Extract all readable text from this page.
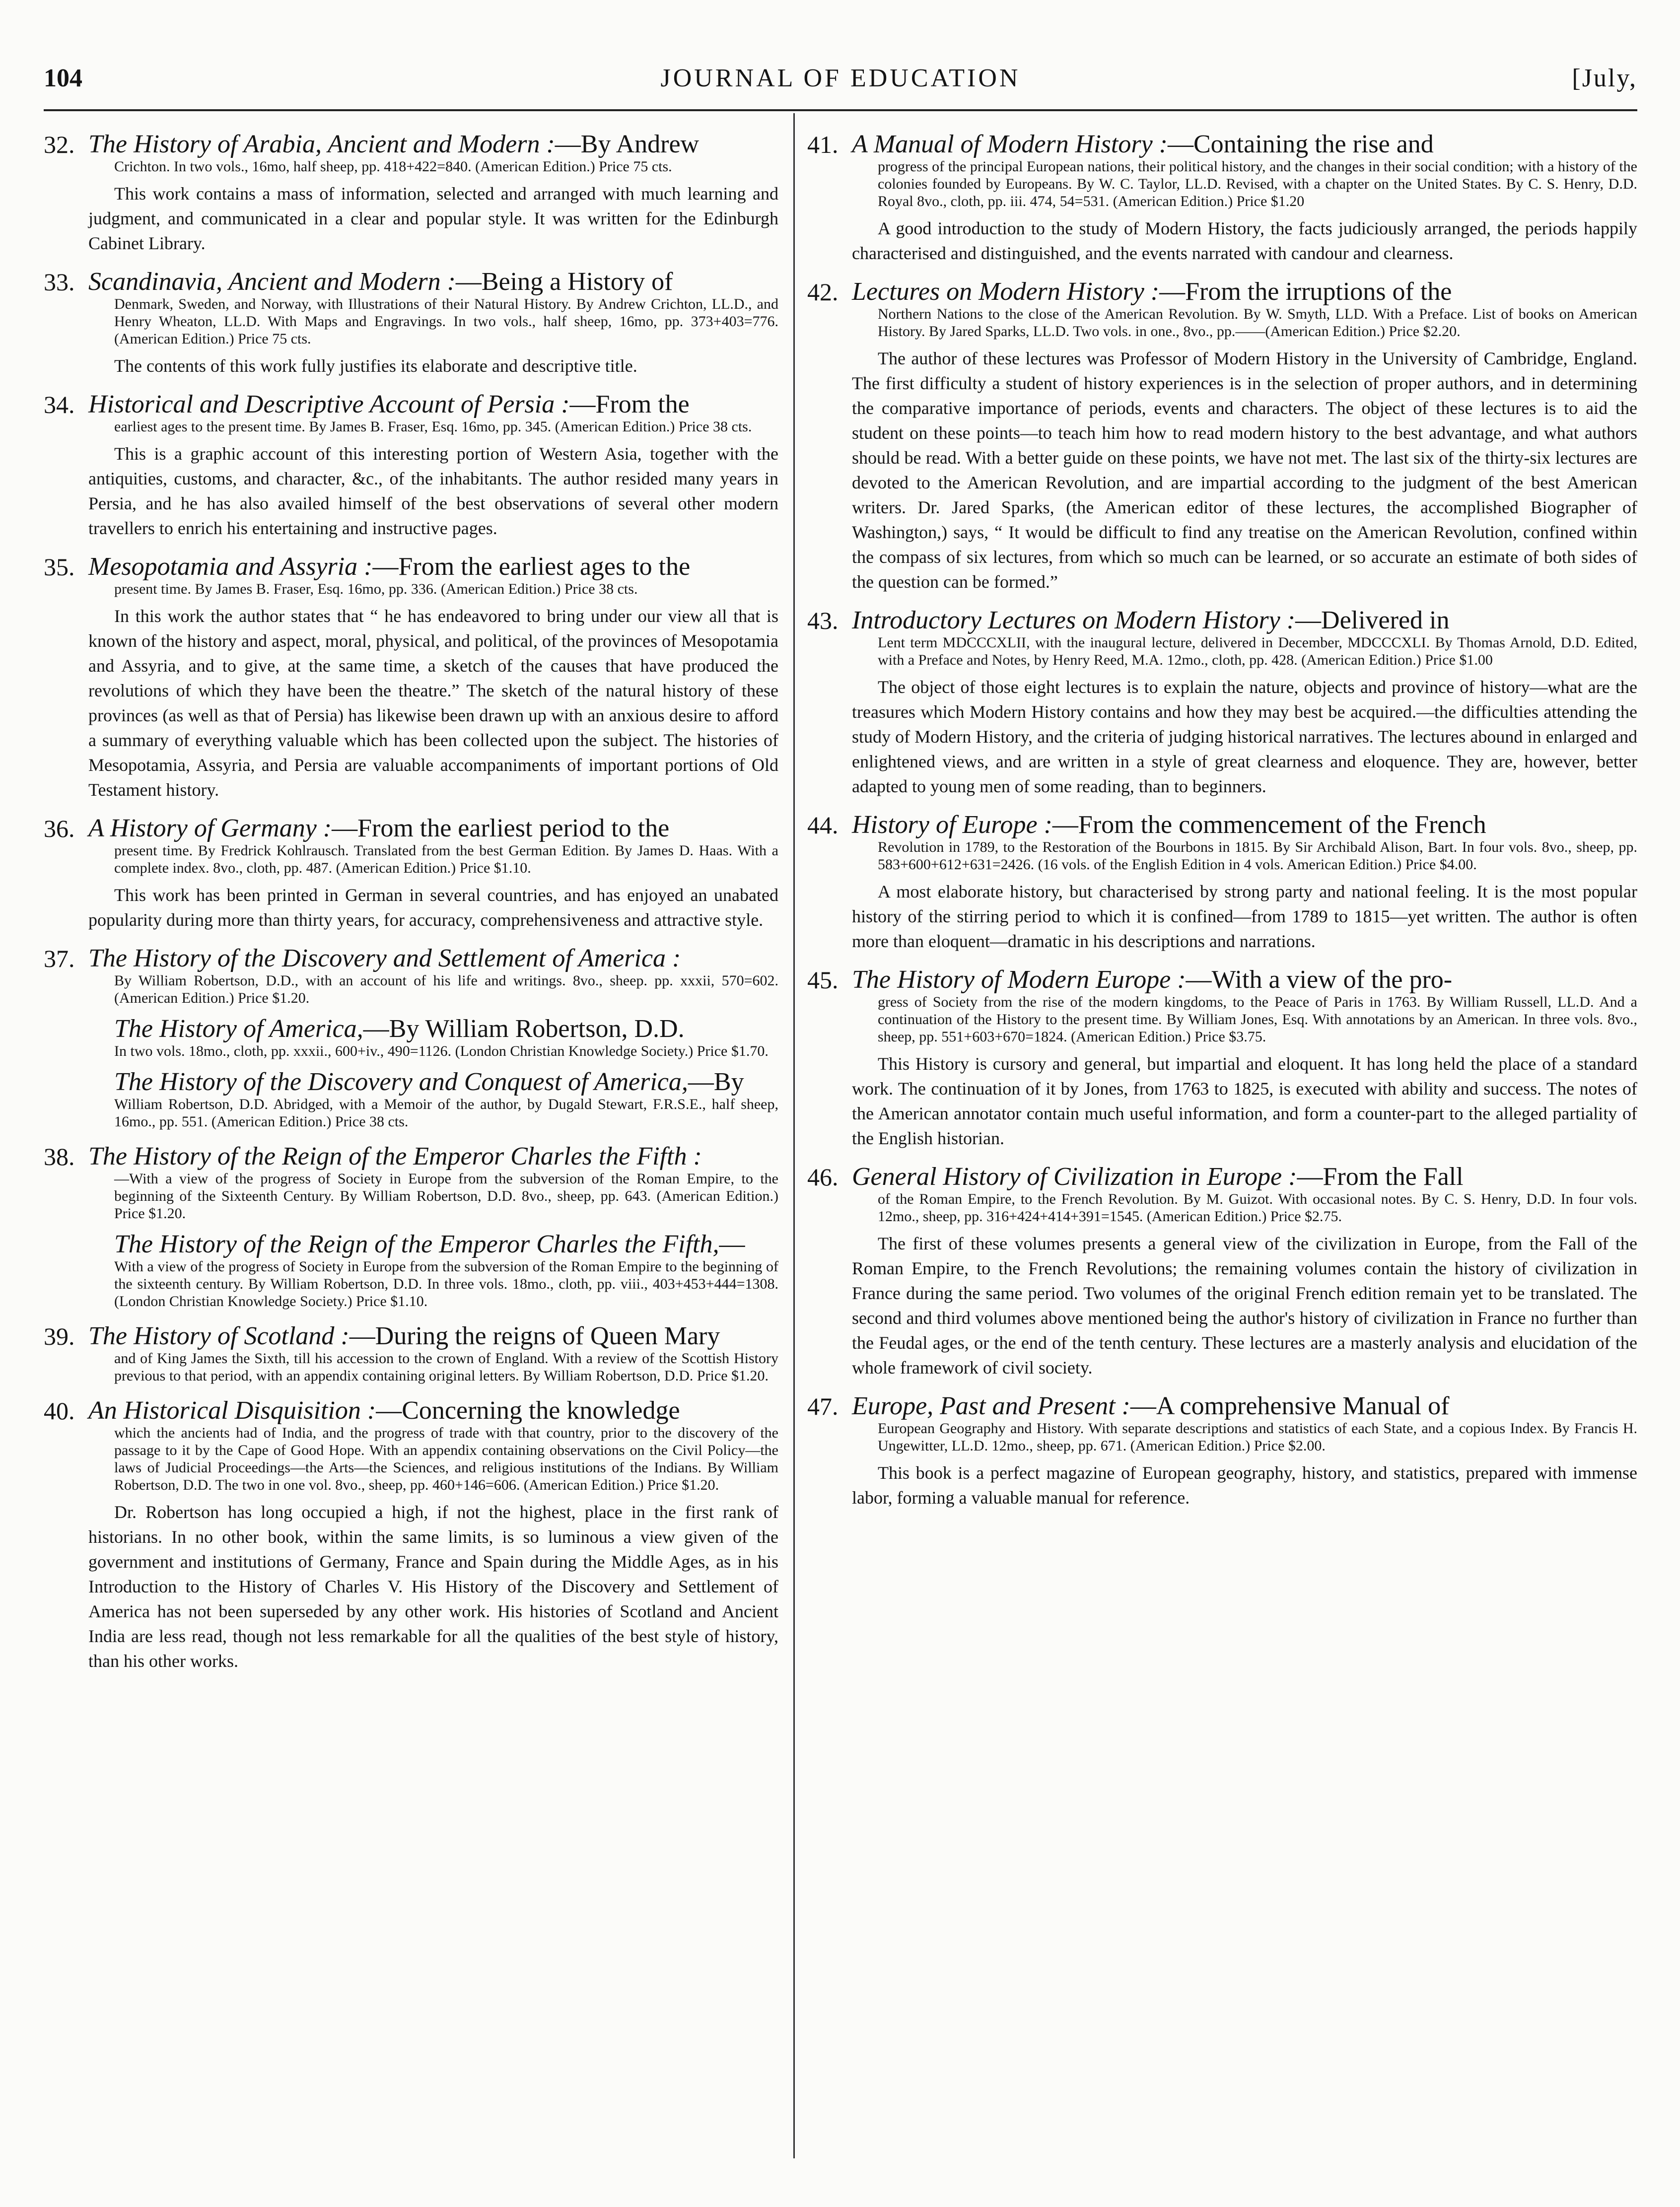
104	JOURNAL OF EDUCATION	[July,
32. The History of Arabia, Ancient and Modern :—By Andrew
Crichton. In two vols., 16mo, half sheep, pp. 418+422=840. (American Edition.) Price 75 cts.
This work contains a mass of information, selected and arranged with much learning and judgment, and communicated in a clear and popular style. It was written for the Edinburgh Cabinet Library.
33. Scandinavia, Ancient and Modern :—Being a History of
Denmark, Sweden, and Norway, with Illustrations of their Natural History. By Andrew Crichton, LL.D., and Henry Wheaton, LL.D. With Maps and Engravings. In two vols., half sheep, 16mo, pp. 373+403=776. (American Edition.) Price 75 cts.
The contents of this work fully justifies its elaborate and descriptive title.
34. Historical and Descriptive Account of Persia :—From the
earliest ages to the present time. By James B. Fraser, Esq. 16mo, pp. 345. (American Edition.) Price 38 cts.
This is a graphic account of this interesting portion of Western Asia, together with the antiquities, customs, and character, &c., of the inhabitants. The author resided many years in Persia, and he has also availed himself of the best observations of several other modern travellers to enrich his entertaining and instructive pages.
35. Mesopotamia and Assyria :—From the earliest ages to the
present time. By James B. Fraser, Esq. 16mo, pp. 336. (American Edition.) Price 38 cts.
In this work the author states that “ he has endeavored to bring under our view all that is known of the history and aspect, moral, physical, and political, of the provinces of Mesopotamia and Assyria, and to give, at the same time, a sketch of the causes that have produced the revolutions of which they have been the theatre.” The sketch of the natural history of these provinces (as well as that of Persia) has likewise been drawn up with an anxious desire to afford a summary of everything valuable which has been collected upon the subject. The histories of Mesopotamia, Assyria, and Persia are valuable accompaniments of important portions of Old Testament history.
36. A History of Germany :—From the earliest period to the
present time. By Fredrick Kohlrausch. Translated from the best German Edition. By James D. Haas. With a complete index. 8vo., cloth, pp. 487. (American Edition.) Price $1.10.
This work has been printed in German in several countries, and has enjoyed an unabated popularity during more than thirty years, for accuracy, comprehensiveness and attractive style.
37. The History of the Discovery and Settlement of America :
By William Robertson, D.D., with an account of his life and writings. 8vo., sheep. pp. xxxii, 570=602. (American Edition.) Price $1.20.
The History of America,—By William Robertson, D.D.
In two vols. 18mo., cloth, pp. xxxii., 600+iv., 490=1126. (London Christian Knowledge Society.) Price $1.70.
The History of the Discovery and Conquest of America,—By
William Robertson, D.D. Abridged, with a Memoir of the author, by Dugald Stewart, F.R.S.E., half sheep, 16mo., pp. 551. (American Edition.) Price 38 cts.
38. The History of the Reign of the Emperor Charles the Fifth :
—With a view of the progress of Society in Europe from the subversion of the Roman Empire, to the beginning of the Sixteenth Century. By William Robertson, D.D. 8vo., sheep, pp. 643. (American Edition.) Price $1.20.
The History of the Reign of the Emperor Charles the Fifth,—
With a view of the progress of Society in Europe from the subversion of the Roman Empire to the beginning of the sixteenth century. By William Robertson, D.D. In three vols. 18mo., cloth, pp. viii., 403+453+444=1308. (London Christian Knowledge Society.) Price $1.10.
39. The History of Scotland :—During the reigns of Queen Mary
and of King James the Sixth, till his accession to the crown of England. With a review of the Scottish History previous to that period, with an appendix containing original letters. By William Robertson, D.D. Price $1.20.
40. An Historical Disquisition :—Concerning the knowledge
which the ancients had of India, and the progress of trade with that country, prior to the discovery of the passage to it by the Cape of Good Hope. With an appendix containing observations on the Civil Policy—the laws of Judicial Proceedings—the Arts—the Sciences, and religious institutions of the Indians. By William Robertson, D.D. The two in one vol. 8vo., sheep, pp. 460+146=606. (American Edition.) Price $1.20.
Dr. Robertson has long occupied a high, if not the highest, place in the first rank of historians. In no other book, within the same limits, is so luminous a view given of the government and institutions of Germany, France and Spain during the Middle Ages, as in his Introduction to the History of Charles V. His History of the Discovery and Settlement of America has not been superseded by any other work. His histories of Scotland and Ancient India are less read, though not less remarkable for all the qualities of the best style of history, than his other works.
41. A Manual of Modern History :—Containing the rise and
progress of the principal European nations, their political history, and the changes in their social condition; with a history of the colonies founded by Europeans. By W. C. Taylor, LL.D. Revised, with a chapter on the United States. By C. S. Henry, D.D. Royal 8vo., cloth, pp. iii. 474, 54=531. (American Edition.) Price $1.20
A good introduction to the study of Modern History, the facts judiciously arranged, the periods happily characterised and distinguished, and the events narrated with candour and clearness.
42. Lectures on Modern History :—From the irruptions of the
Northern Nations to the close of the American Revolution. By W. Smyth, LLD. With a Preface. List of books on American History. By Jared Sparks, LL.D. Two vols. in one., 8vo., pp.——(American Edition.) Price $2.20.
The author of these lectures was Professor of Modern History in the University of Cambridge, England. The first difficulty a student of history experiences is in the selection of proper authors, and in determining the comparative importance of periods, events and characters. The object of these lectures is to aid the student on these points—to teach him how to read modern history to the best advantage, and what authors should be read. With a better guide on these points, we have not met. The last six of the thirty-six lectures are devoted to the American Revolution, and are impartial according to the judgment of the best American writers. Dr. Jared Sparks, (the American editor of these lectures, the accomplished Biographer of Washington,) says, “ It would be difficult to find any treatise on the American Revolution, confined within the compass of six lectures, from which so much can be learned, or so accurate an estimate of both sides of the question can be formed.”
43. Introductory Lectures on Modern History :—Delivered in
Lent term MDCCCXLII, with the inaugural lecture, delivered in December, MDCCCXLI. By Thomas Arnold, D.D. Edited, with a Preface and Notes, by Henry Reed, M.A. 12mo., cloth, pp. 428. (American Edition.) Price $1.00
The object of those eight lectures is to explain the nature, objects and province of history—what are the treasures which Modern History contains and how they may best be acquired.—the difficulties attending the study of Modern History, and the criteria of judging historical narratives. The lectures abound in enlarged and enlightened views, and are written in a style of great clearness and eloquence. They are, however, better adapted to young men of some reading, than to beginners.
44. History of Europe :—From the commencement of the French
Revolution in 1789, to the Restoration of the Bourbons in 1815. By Sir Archibald Alison, Bart. In four vols. 8vo., sheep, pp. 583+600+612+631=2426. (16 vols. of the English Edition in 4 vols. American Edition.) Price $4.00.
A most elaborate history, but characterised by strong party and national feeling. It is the most popular history of the stirring period to which it is confined—from 1789 to 1815—yet written. The author is often more than eloquent—dramatic in his descriptions and narrations.
45. The History of Modern Europe :—With a view of the pro-
gress of Society from the rise of the modern kingdoms, to the Peace of Paris in 1763. By William Russell, LL.D. And a continuation of the History to the present time. By William Jones, Esq. With annotations by an American. In three vols. 8vo., sheep, pp. 551+603+670=1824. (American Edition.) Price $3.75.
This History is cursory and general, but impartial and eloquent. It has long held the place of a standard work. The continuation of it by Jones, from 1763 to 1825, is executed with ability and success. The notes of the American annotator contain much useful information, and form a counter-part to the alleged partiality of the English historian.
46. General History of Civilization in Europe :—From the Fall
of the Roman Empire, to the French Revolution. By M. Guizot. With occasional notes. By C. S. Henry, D.D. In four vols. 12mo., sheep, pp. 316+424+414+391=1545. (American Edition.) Price $2.75.
The first of these volumes presents a general view of the civilization in Europe, from the Fall of the Roman Empire, to the French Revolutions; the remaining volumes contain the history of civilization in France during the same period. Two volumes of the original French edition remain yet to be translated. The second and third volumes above mentioned being the author's history of civilization in France no further than the Feudal ages, or the end of the tenth century. These lectures are a masterly analysis and elucidation of the whole framework of civil society.
47. Europe, Past and Present :—A comprehensive Manual of
European Geography and History. With separate descriptions and statistics of each State, and a copious Index. By Francis H. Ungewitter, LL.D. 12mo., sheep, pp. 671. (American Edition.) Price $2.00.
This book is a perfect magazine of European geography, history, and statistics, prepared with immense labor, forming a valuable manual for reference.
